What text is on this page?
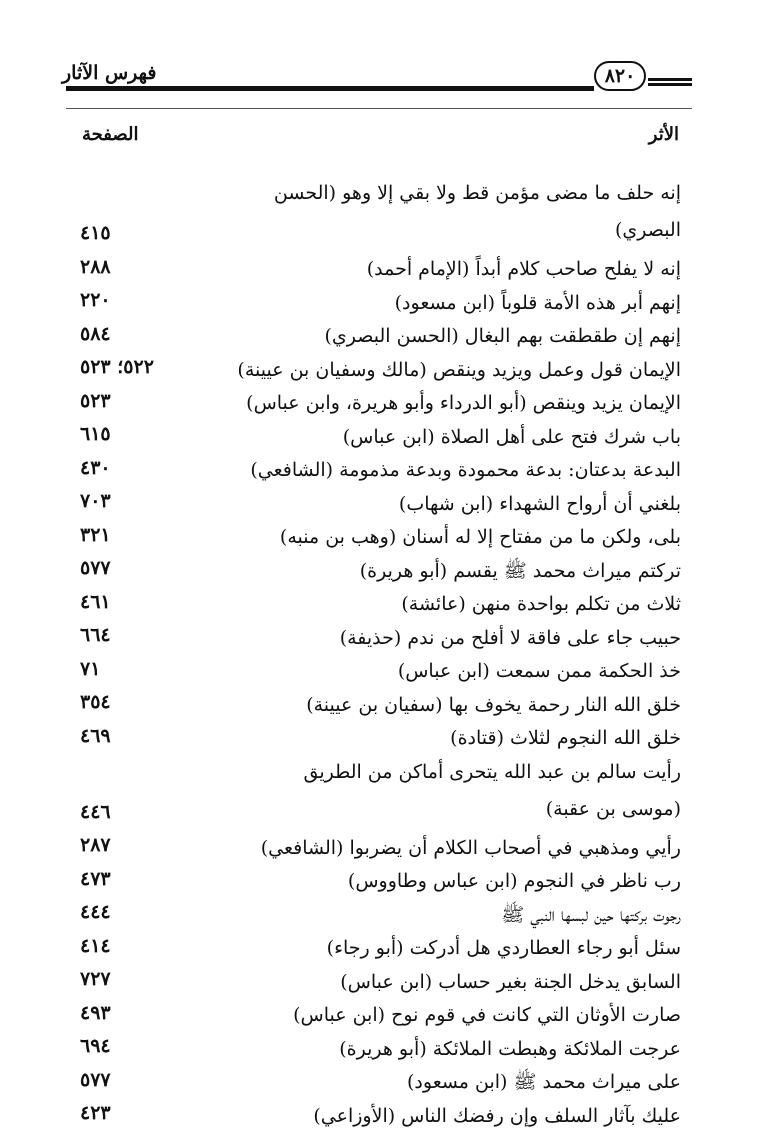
فهرس الآثار	٨٢٠
الأثر
الصفحة
إنه حلف ما مضى مؤمن قط ولا بقي إلا وهو (الحسن البصري)
٤١٥
إنه لا يفلح صاحب كلام أبداً (الإمام أحمد)
٢٨٨
إنهم أبر هذه الأمة قلوباً (ابن مسعود)
٢٢٠
إنهم إن طقطقت بهم البغال (الحسن البصري)
٥٨٤
الإيمان قول وعمل ويزيد وينقص (مالك وسفيان بن عيينة)
٥٢٢؛ ٥٢٣
الإيمان يزيد وينقص (أبو الدرداء وأبو هريرة، وابن عباس)
٥٢٣
باب شرك فتح على أهل الصلاة (ابن عباس)
٦١٥
البدعة بدعتان: بدعة محمودة وبدعة مذمومة (الشافعي)
٤٣٠
بلغني أن أرواح الشهداء (ابن شهاب)
٧٠٣
بلى، ولكن ما من مفتاح إلا له أسنان (وهب بن منبه)
٣٢١
تركتم ميراث محمد ﷺ يقسم (أبو هريرة)
٥٧٧
ثلاث من تكلم بواحدة منهن (عائشة)
٤٦١
حبيب جاء على فاقة لا أفلح من ندم (حذيفة)
٦٦٤
خذ الحكمة ممن سمعت (ابن عباس)
٧١
خلق الله النار رحمة يخوف بها (سفيان بن عيينة)
٣٥٤
خلق الله النجوم لثلاث (قتادة)
٤٦٩
رأيت سالم بن عبد الله يتحرى أماكن من الطريق (موسى بن عقبة)
٤٤٦
رأيي ومذهبي في أصحاب الكلام أن يضربوا (الشافعي)
٢٨٧
رب ناظر في النجوم (ابن عباس وطاووس)
٤٧٣
رجوت بركتها حين لبسها النبي ﷺ
٤٤٤
سئل أبو رجاء العطاردي هل أدركت (أبو رجاء)
٤١٤
السابق يدخل الجنة بغير حساب (ابن عباس)
٧٢٧
صارت الأوثان التي كانت في قوم نوح (ابن عباس)
٤٩٣
عرجت الملائكة وهبطت الملائكة (أبو هريرة)
٦٩٤
على ميراث محمد ﷺ (ابن مسعود)
٥٧٧
عليك بآثار السلف وإن رفضك الناس (الأوزاعي)
٤٢٣
